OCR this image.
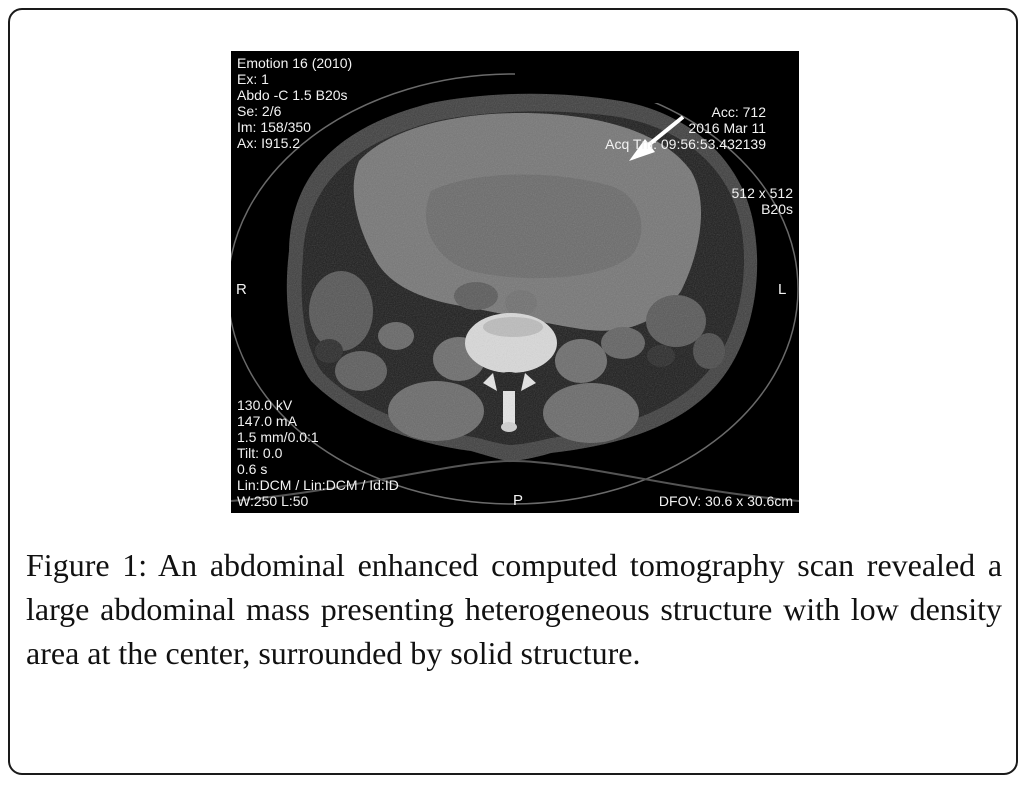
Emotion 16 (2010)
Ex: 1
Abdo -C 1.5 B20s
Se: 2/6
Im: 158/350
Ax: I915.2
Acc: 712
2016 Mar 11
Acq Tm: 09:56:53.432139
512 x 512
B20s
130.0 kV
147.0 mA
1.5 mm/0.0:1
Tilt: 0.0
0.6 s
Lin:DCM / Lin:DCM / Id:ID
W:250 L:50
R	L
P	DFOV: 30.6 x 30.6cm
Figure 1: An abdominal enhanced computed tomography scan revealed a large abdominal mass presenting heterogeneous structure with low density area at the center, surrounded by solid structure.
